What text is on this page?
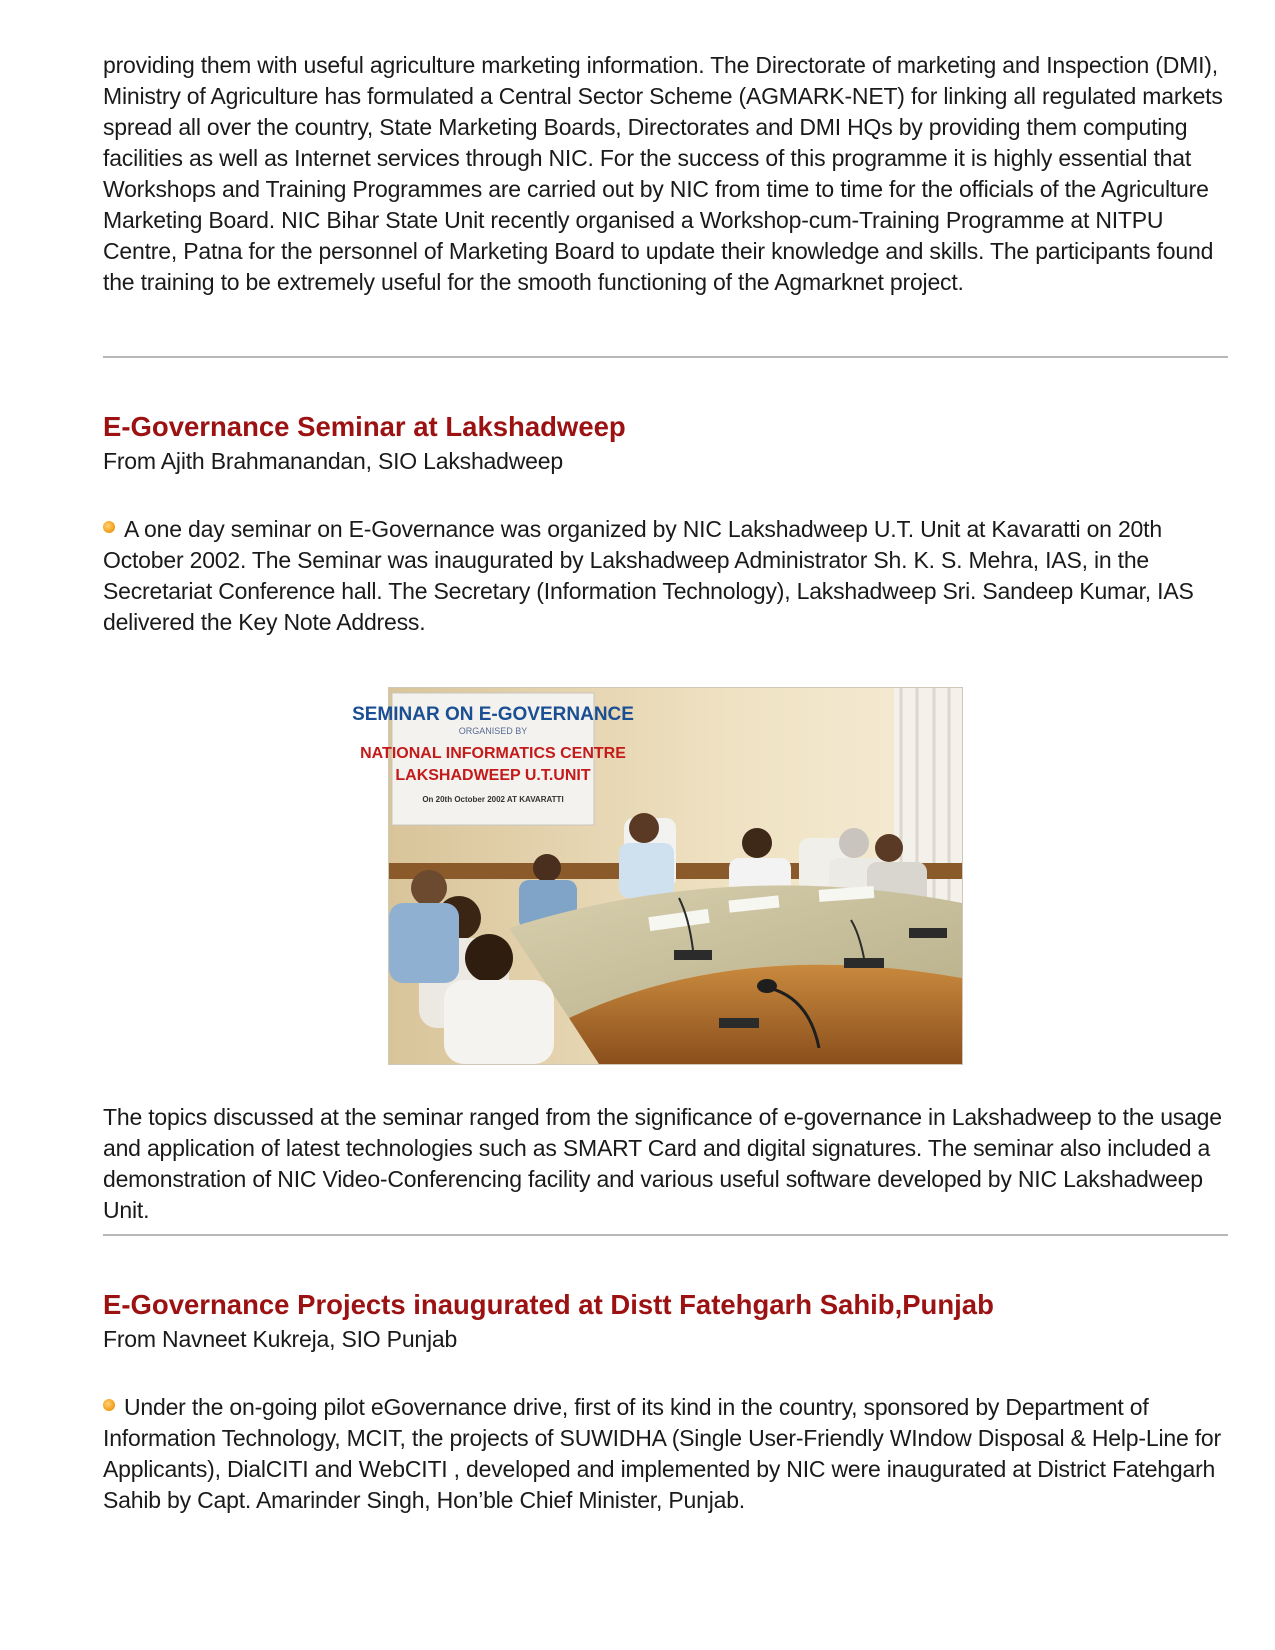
providing them with useful agriculture marketing information. The Directorate of marketing and Inspection (DMI), Ministry of Agriculture has formulated a Central Sector Scheme (AGMARK-NET) for linking all regulated markets spread all over the country, State Marketing Boards, Directorates and DMI HQs by providing them computing facilities as well as Internet services through NIC. For the success of this programme it is highly essential that Workshops and Training Programmes are carried out by NIC from time to time for the officials of the Agriculture Marketing Board. NIC Bihar State Unit recently organised a Workshop-cum-Training Programme at NITPU Centre, Patna for the personnel of Marketing Board to update their knowledge and skills. The participants found the training to be extremely useful for the smooth functioning of the Agmarknet project.

E-Governance Seminar at Lakshadweep
From Ajith Brahmanandan, SIO Lakshadweep

A one day seminar on E-Governance was organized by NIC Lakshadweep U.T. Unit at Kavaratti on 20th October 2002. The Seminar was inaugurated by Lakshadweep Administrator Sh. K. S. Mehra, IAS, in the Secretariat Conference hall. The Secretary (Information Technology), Lakshadweep Sri. Sandeep Kumar, IAS delivered the Key Note Address.

SEMINAR ON E-GOVERNANCE
ORGANISED BY
NATIONAL INFORMATICS CENTRE
LAKSHADWEEP U.T.UNIT
On 20th October 2002 AT KAVARATTI

The topics discussed at the seminar ranged from the significance of e-governance in Lakshadweep to the usage and application of latest technologies such as SMART Card and digital signatures. The seminar also included a demonstration of NIC Video-Conferencing facility and various useful software developed by NIC Lakshadweep Unit.

E-Governance Projects inaugurated at Distt Fatehgarh Sahib,Punjab
From Navneet Kukreja, SIO Punjab

Under the on-going pilot eGovernance drive, first of its kind in the country, sponsored by Department of Information Technology, MCIT, the projects of SUWIDHA (Single User-Friendly WIndow Disposal & Help-Line for Applicants), DialCITI and WebCITI , developed and implemented by NIC were inaugurated at District Fatehgarh Sahib by Capt. Amarinder Singh, Hon’ble Chief Minister, Punjab.
